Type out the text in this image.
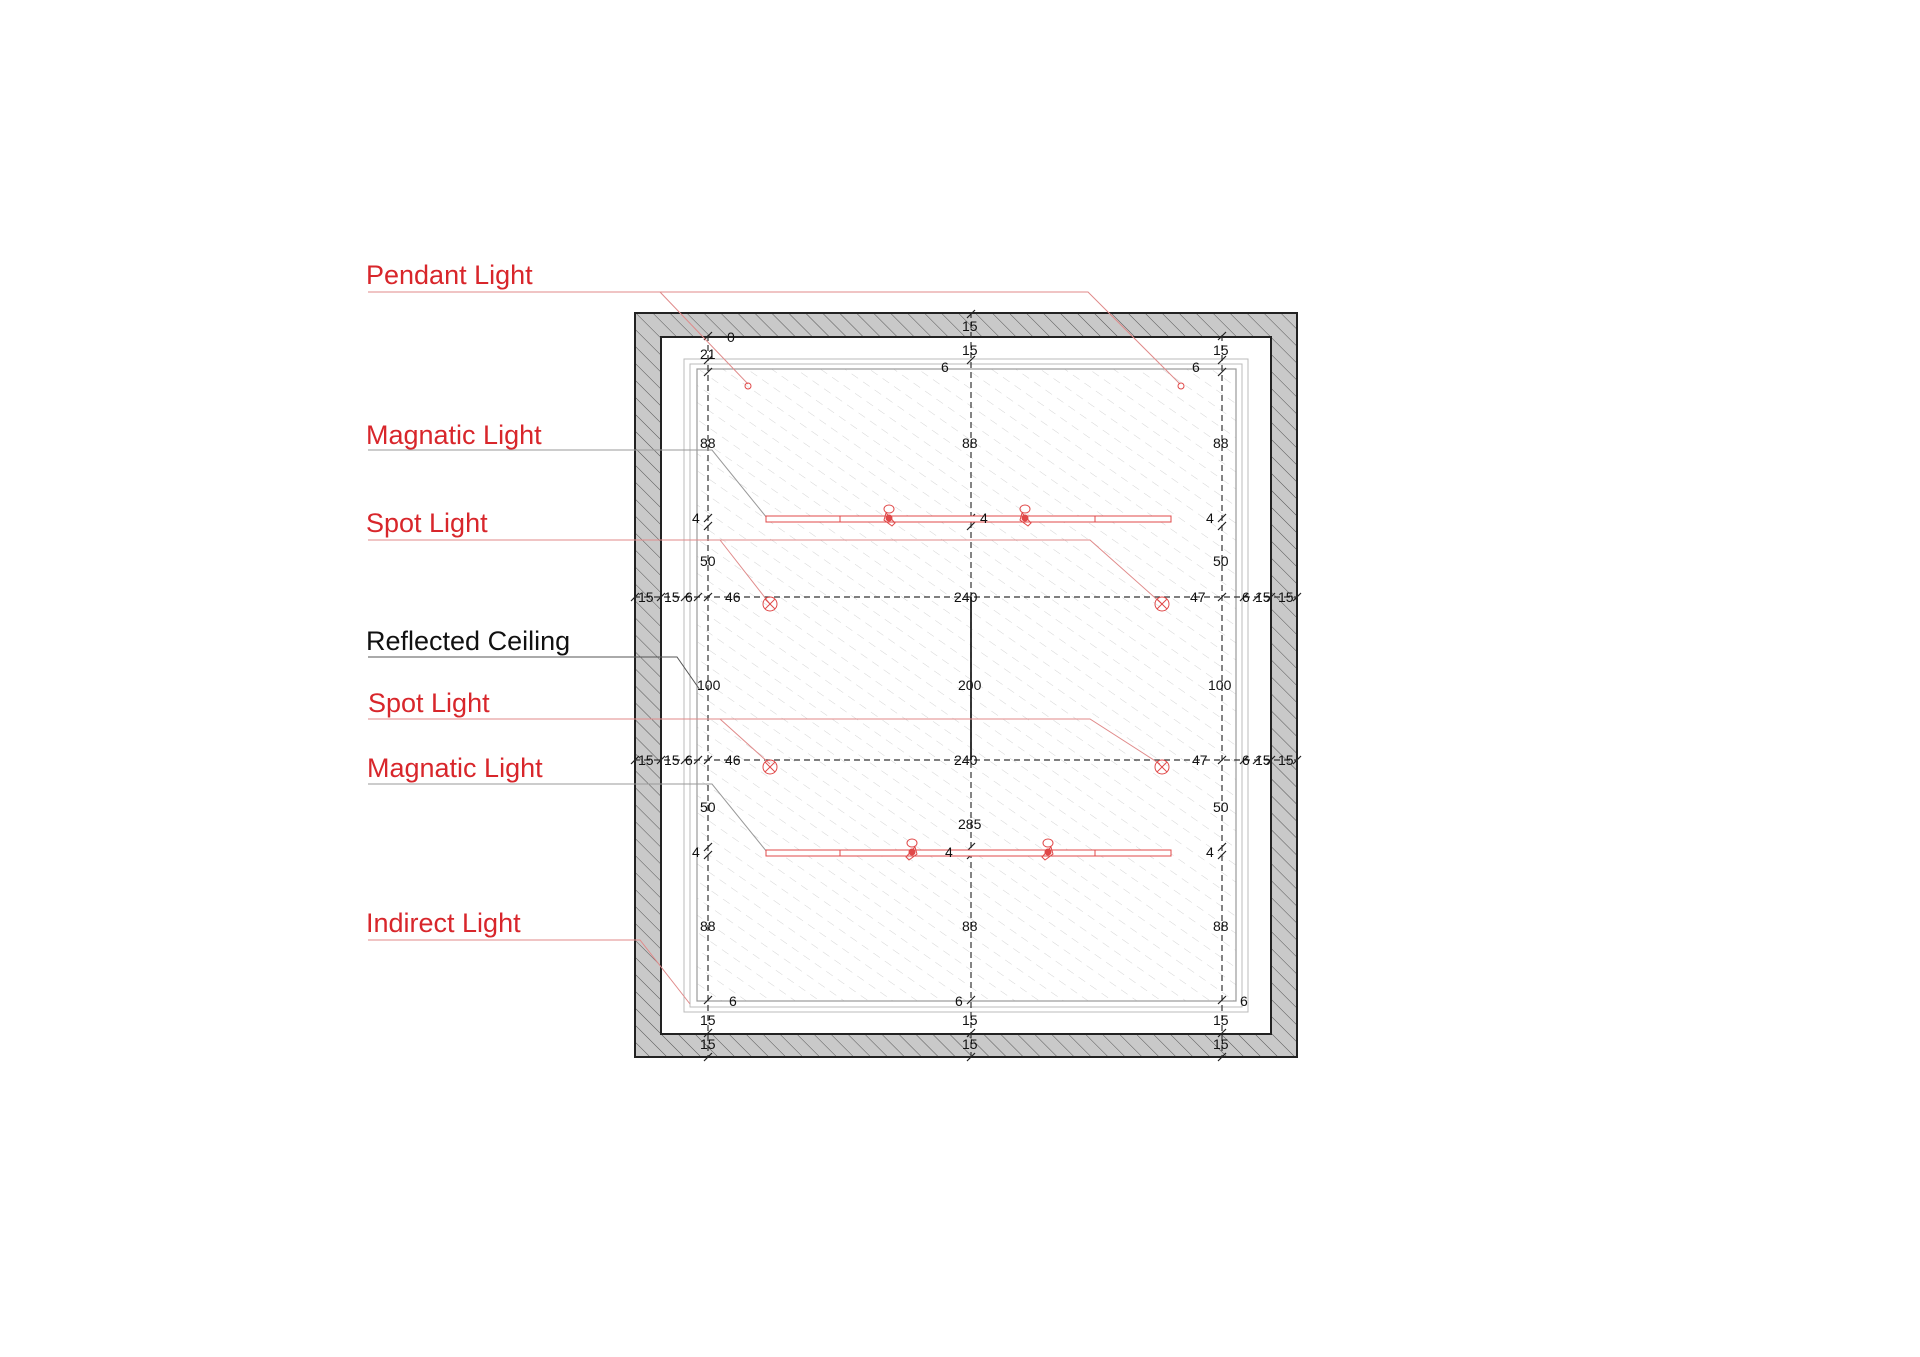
Pendant Light
Magnatic Light
Spot Light
Reflected Ceiling
Spot Light
Magnatic Light
Indirect Light
15
0
15	15
21
6	6
88	88	88
4	4	4
50	50
15 15 6 46	240	47	6 15 15
100	200	100
15 15 6 46	240	47 6 15 15
50	50
285
4	4	4
88	88	88
6	6	6
15	15	15
15	15	15
